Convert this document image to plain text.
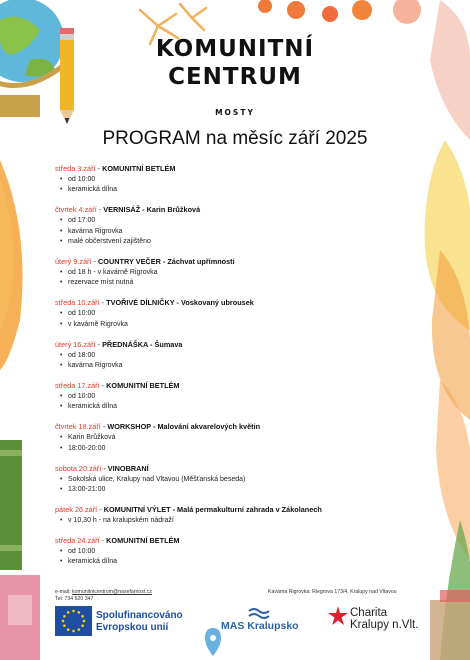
KOMUNITNÍ
CENTRUM
MOSTY
PROGRAM na měsíc září 2025
středa 3.září - KOMUNITNÍ BETLÉM
• od 10:00
• keramická dílna
čtvrtek 4.září - VERNISÁŽ - Karin Brůžková
• od 17:00
• kavárna Rigrovka
• malé občerstvení zajištěno
úterý 9.září - COUNTRY VEČER - Záchvat upřímnosti
• od 18 h - v kavárně Rigrovka
• rezervace míst nutná
středa 10.září - TVOŘIVÉ DÍLNIČKY - Voskovaný ubrousek
• od 10:00
• v kavárně Rigrovka
úterý 16.září - PŘEDNÁŠKA - Šumava
• od 18:00
• kavárna Rigrovka
středa 17.září - KOMUNITNÍ BETLÉM
• od 10:00
• keramická dílna
čtvrtek 18.září - WORKSHOP - Malování akvarelových květin
• Karin Brůžková
• 18:00-20:00
sobota 20.září - VINOBRANÍ
• Sokolská ulice, Kralupy nad Vltavou (Měšťanská beseda)
• 13:00-21:00
pátek 26.září - KOMUNITNÍ VÝLET - Malá permakulturní zahrada v Zákolanech
• v 10,30 h - na kralupském nádraží
středa 24.září - KOMUNITNÍ BETLÉM
• od 10:00
• keramická dílna
e-mail: komunitnicentrum@nasefarnost.cz
Tel: 734 520 347
Kavárna Rigrovka: Riegrova 173/4, Kralupy nad Vltavou
Spolufinancováno
Evropskou unií	MAS Kralupsko
Charita
Kralupy n.Vlt.
